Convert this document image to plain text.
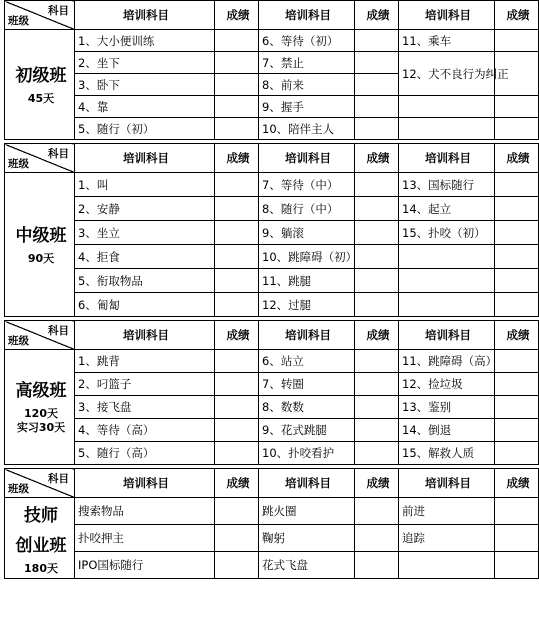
科目
班级	培训科目	成绩	培训科目	成绩	培训科目	成绩

初级班
45天	1、大小便训练		6、等待（初）		11、乘车	
	2、坐下		7、禁止		12、犬不良行为纠正	
	3、卧下		8、前来			
	4、靠		9、握手			
	5、随行（初）		10、陪伴主人			
科目
班级	培训科目	成绩	培训科目	成绩	培训科目	成绩

中级班
90天	1、叫		7、等待（中）		13、国标随行	
	2、安静		8、随行（中）		14、起立	
	3、坐立		9、躺滚		15、扑咬（初）	
	4、拒食		10、跳障碍（初）			
	5、衔取物品		11、跳腿			
	6、匍匐		12、过腿			
科目
班级	培训科目	成绩	培训科目	成绩	培训科目	成绩

高级班
120天
实习30天	1、跳背		6、站立		11、跳障碍（高）	
	2、叼篮子		7、转圈		12、捡垃圾	
	3、接飞盘		8、数数		13、鉴别	
	4、等待（高）		9、花式跳腿		14、倒退	
	5、随行（高）		10、扑咬看护		15、解救人质	
科目
班级	培训科目	成绩	培训科目	成绩	培训科目	成绩

技师
创业班
180天	搜索物品		跳火圈		前进	
	扑咬押主		鞠躬		追踪	
	IPO国标随行		花式飞盘			
